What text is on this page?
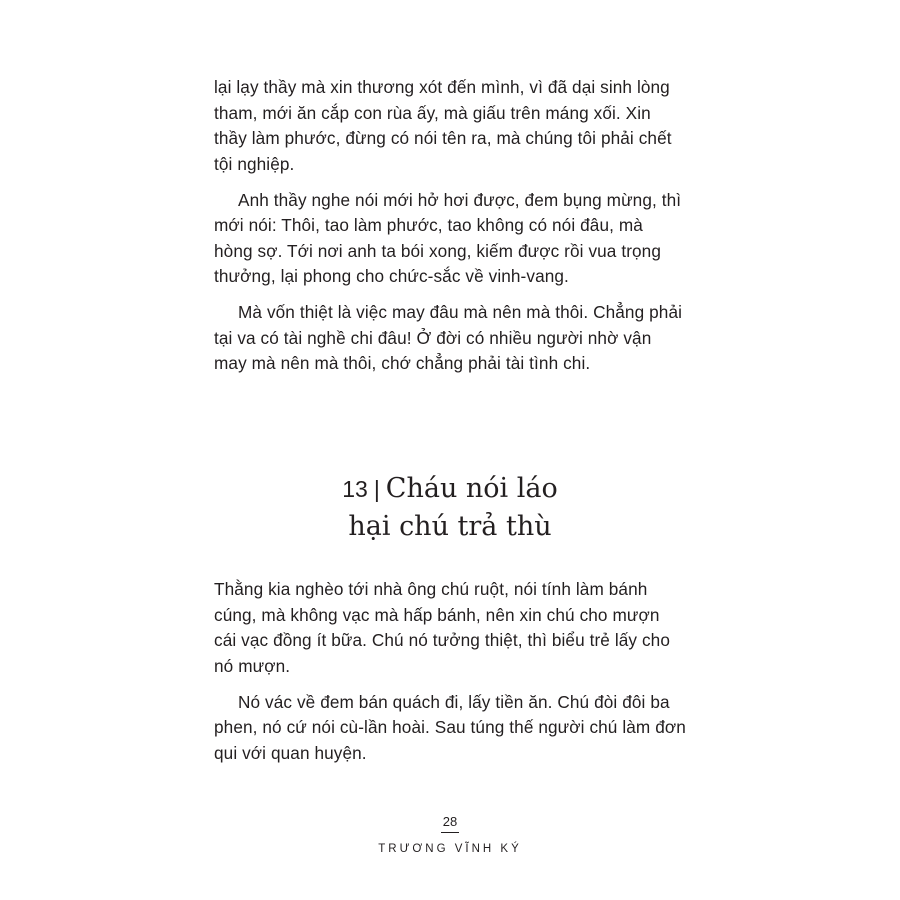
lại lạy thầy mà xin thương xót đến mình, vì đã dại sinh lòng tham, mới ăn cắp con rùa ấy, mà giấu trên máng xối. Xin thầy làm phước, đừng có nói tên ra, mà chúng tôi phải chết tội nghiệp.

Anh thầy nghe nói mới hở hơi được, đem bụng mừng, thì mới nói: Thôi, tao làm phước, tao không có nói đâu, mà hòng sợ. Tới nơi anh ta bói xong, kiếm được rồi vua trọng thưởng, lại phong cho chức-sắc về vinh-vang.

Mà vốn thiệt là việc may đâu mà nên mà thôi. Chẳng phải tại va có tài nghề chi đâu! Ở đời có nhiều người nhờ vận may mà nên mà thôi, chớ chẳng phải tài tình chi.

13 | Cháu nói láo
hại chú trả thù

Thằng kia nghèo tới nhà ông chú ruột, nói tính làm bánh cúng, mà không vạc mà hấp bánh, nên xin chú cho mượn cái vạc đồng ít bữa. Chú nó tưởng thiệt, thì biểu trẻ lấy cho nó mượn.

Nó vác về đem bán quách đi, lấy tiền ăn. Chú đòi đôi ba phen, nó cứ nói cù-lần hoài. Sau túng thế người chú làm đơn qui với quan huyện.

28
TRƯƠNG VĨNH KÝ
